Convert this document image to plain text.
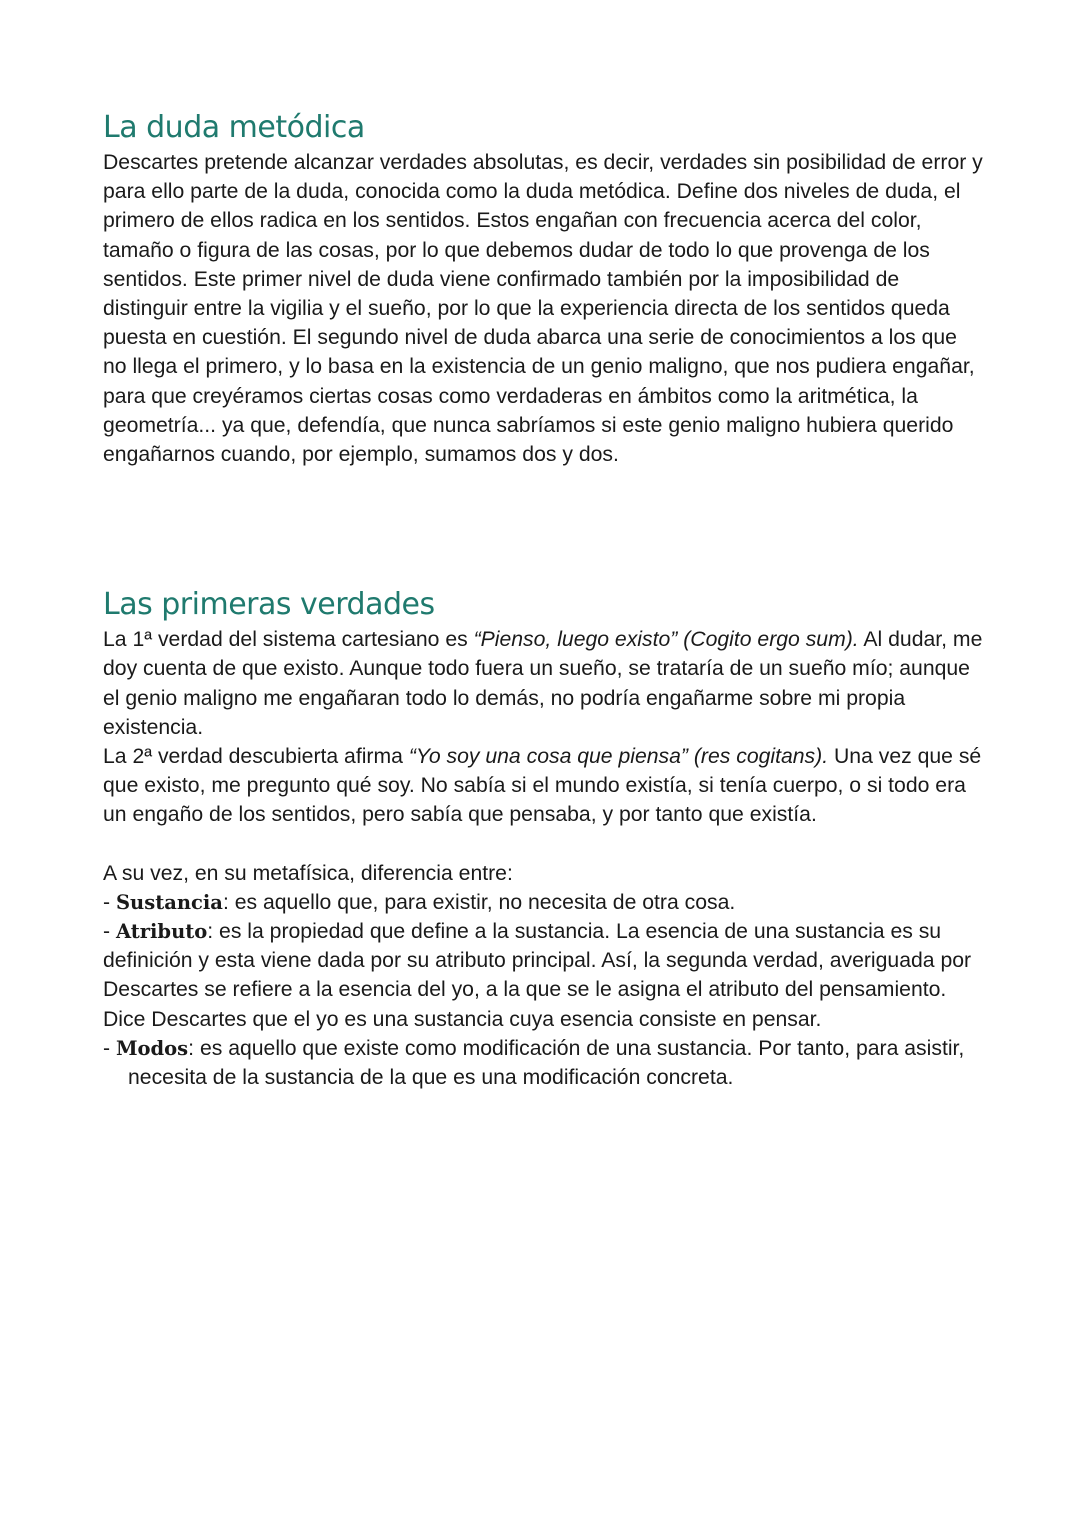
La duda metódica

Descartes pretende alcanzar verdades absolutas, es decir, verdades sin posibilidad de error y para ello parte de la duda, conocida como la duda metódica. Define dos niveles de duda, el primero de ellos radica en los sentidos. Estos engañan con frecuencia acerca del color, tamaño o figura de las cosas, por lo que debemos dudar de todo lo que provenga de los sentidos. Este primer nivel de duda viene confirmado también por la imposibilidad de distinguir entre la vigilia y el sueño, por lo que la experiencia directa de los sentidos queda puesta en cuestión. El segundo nivel de duda abarca una serie de conocimientos a los que no llega el primero, y lo basa en la existencia de un genio maligno, que nos pudiera engañar, para que creyéramos ciertas cosas como verdaderas en ámbitos como la aritmética, la geometría... ya que, defendía, que nunca sabríamos si este genio maligno hubiera querido engañarnos cuando, por ejemplo, sumamos dos y dos.

Las primeras verdades

La 1ª verdad del sistema cartesiano es “Pienso, luego existo” (Cogito ergo sum). Al dudar, me doy cuenta de que existo. Aunque todo fuera un sueño, se trataría de un sueño mío; aunque el genio maligno me engañaran todo lo demás, no podría engañarme sobre mi propia existencia.

La 2ª verdad descubierta afirma “Yo soy una cosa que piensa” (res cogitans). Una vez que sé que existo, me pregunto qué soy. No sabía si el mundo existía, si tenía cuerpo, o si todo era un engaño de los sentidos, pero sabía que pensaba, y por tanto que existía.

A su vez, en su metafísica, diferencia entre:

- Sustancia: es aquello que, para existir, no necesita de otra cosa.

- Atributo: es la propiedad que define a la sustancia. La esencia de una sustancia es su definición y esta viene dada por su atributo principal. Así, la segunda verdad, averiguada por Descartes se refiere a la esencia del yo, a la que se le asigna el atributo del pensamiento. Dice Descartes que el yo es una sustancia cuya esencia consiste en pensar.

- Modos: es aquello que existe como modificación de una sustancia. Por tanto, para asistir, necesita de la sustancia de la que es una modificación concreta.
